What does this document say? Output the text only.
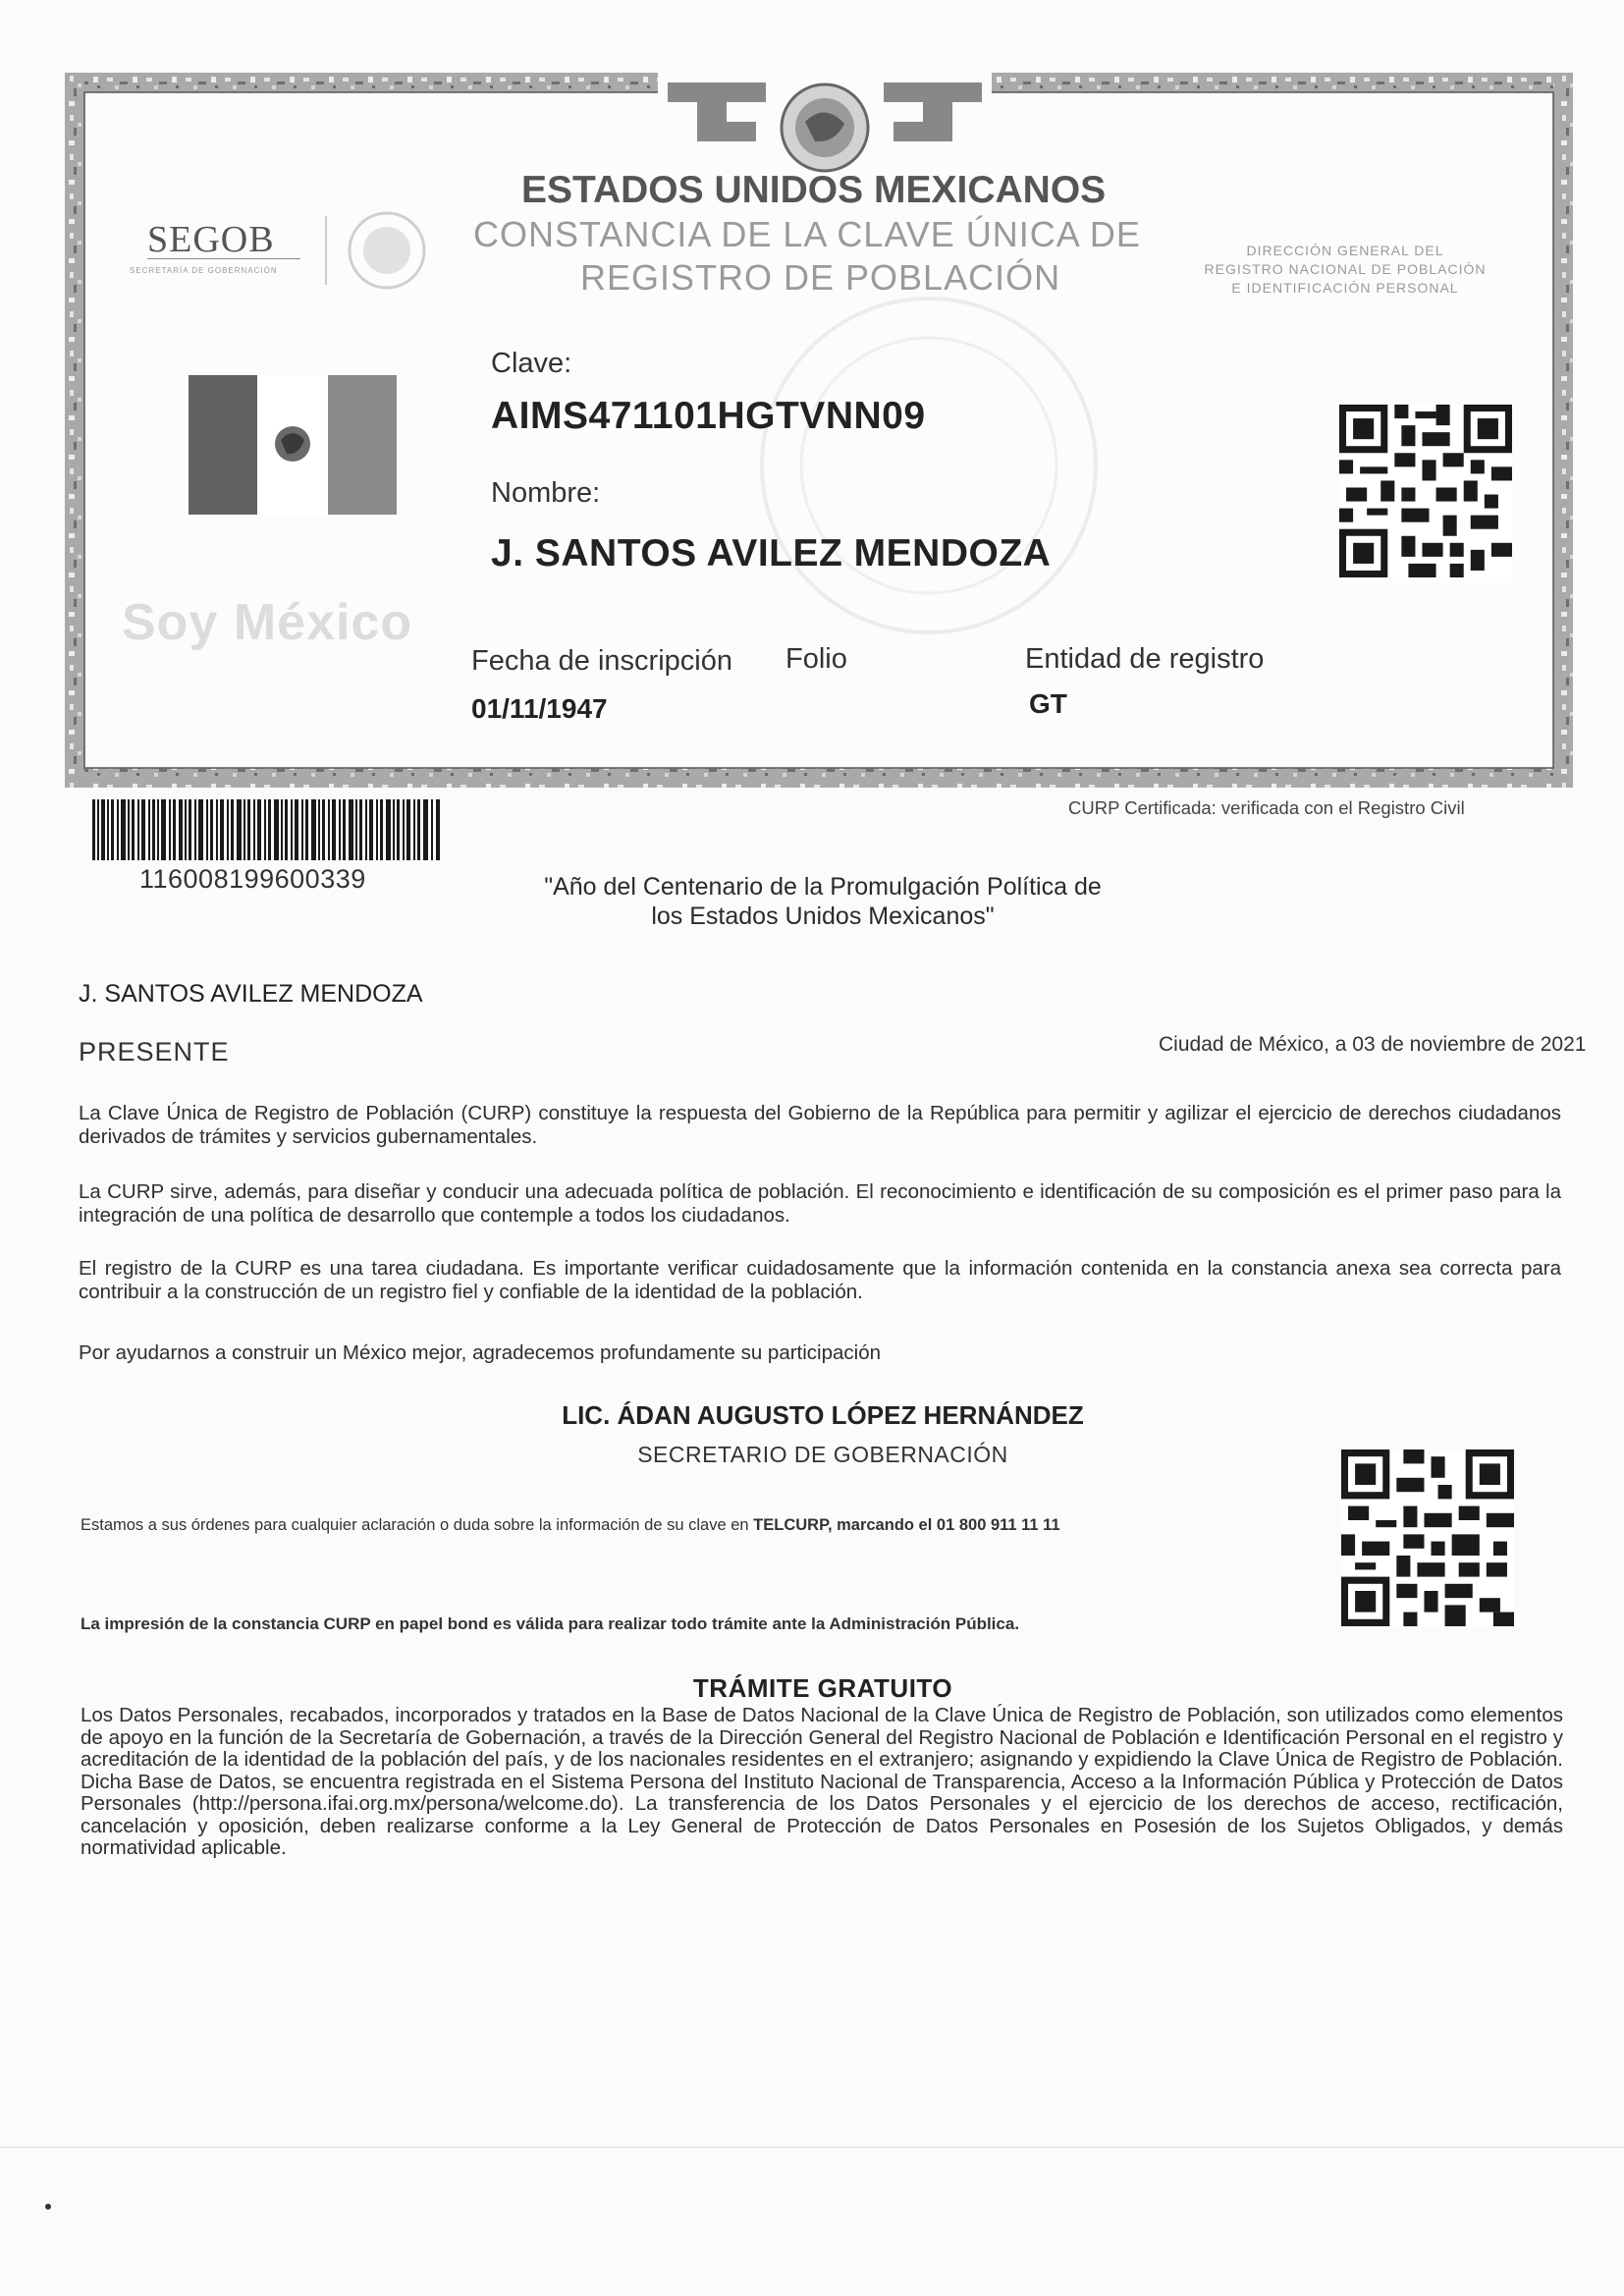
ESTADOS UNIDOS MEXICANOS
CONSTANCIA DE LA CLAVE ÚNICA DE
REGISTRO DE POBLACIÓN
SEGOB
SECRETARÍA DE GOBERNACIÓN
DIRECCIÓN GENERAL DEL
REGISTRO NACIONAL DE POBLACIÓN
E IDENTIFICACIÓN PERSONAL
Soy México
Clave:
AIMS471101HGTVNN09
Nombre:
J. SANTOS AVILEZ MENDOZA
Fecha de inscripción
01/11/1947
Folio	Entidad de registro
GT
116008199600339
CURP Certificada: verificada con el Registro Civil
"Año del Centenario de la Promulgación Política de
los Estados Unidos Mexicanos"
J. SANTOS AVILEZ MENDOZA
PRESENTE	Ciudad de México, a 03 de noviembre de 2021
La Clave Única de Registro de Población (CURP) constituye la respuesta del Gobierno de la República para permitir y agilizar el ejercicio de derechos ciudadanos derivados de trámites y servicios gubernamentales.
La CURP sirve, además, para diseñar y conducir una adecuada política de población. El reconocimiento e identificación de su composición es el primer paso para la integración de una política de desarrollo que contemple a todos los ciudadanos.
El registro de la CURP es una tarea ciudadana. Es importante verificar cuidadosamente que la información contenida en la constancia anexa sea correcta para contribuir a la construcción de un registro fiel y confiable de la identidad de la población.
Por ayudarnos a construir un México mejor, agradecemos profundamente su participación
LIC. ÁDAN AUGUSTO LÓPEZ HERNÁNDEZ
SECRETARIO DE GOBERNACIÓN
Estamos a sus órdenes para cualquier aclaración o duda sobre la información de su clave en TELCURP, marcando el 01 800 911 11 11
La impresión de la constancia CURP en papel bond es válida para realizar todo trámite ante la Administración Pública.
TRÁMITE GRATUITO
Los Datos Personales, recabados, incorporados y tratados en la Base de Datos Nacional de la Clave Única de Registro de Población, son utilizados como elementos de apoyo en la función de la Secretaría de Gobernación, a través de la Dirección General del Registro Nacional de Población e Identificación Personal en el registro y acreditación de la identidad de la población del país, y de los nacionales residentes en el extranjero; asignando y expidiendo la Clave Única de Registro de Población. Dicha Base de Datos, se encuentra registrada en el Sistema Persona del Instituto Nacional de Transparencia, Acceso a la Información Pública y Protección de Datos Personales (http://persona.ifai.org.mx/persona/welcome.do). La transferencia de los Datos Personales y el ejercicio de los derechos de acceso, rectificación, cancelación y oposición, deben realizarse conforme a la Ley General de Protección de Datos Personales en Posesión de los Sujetos Obligados, y demás normatividad aplicable.
